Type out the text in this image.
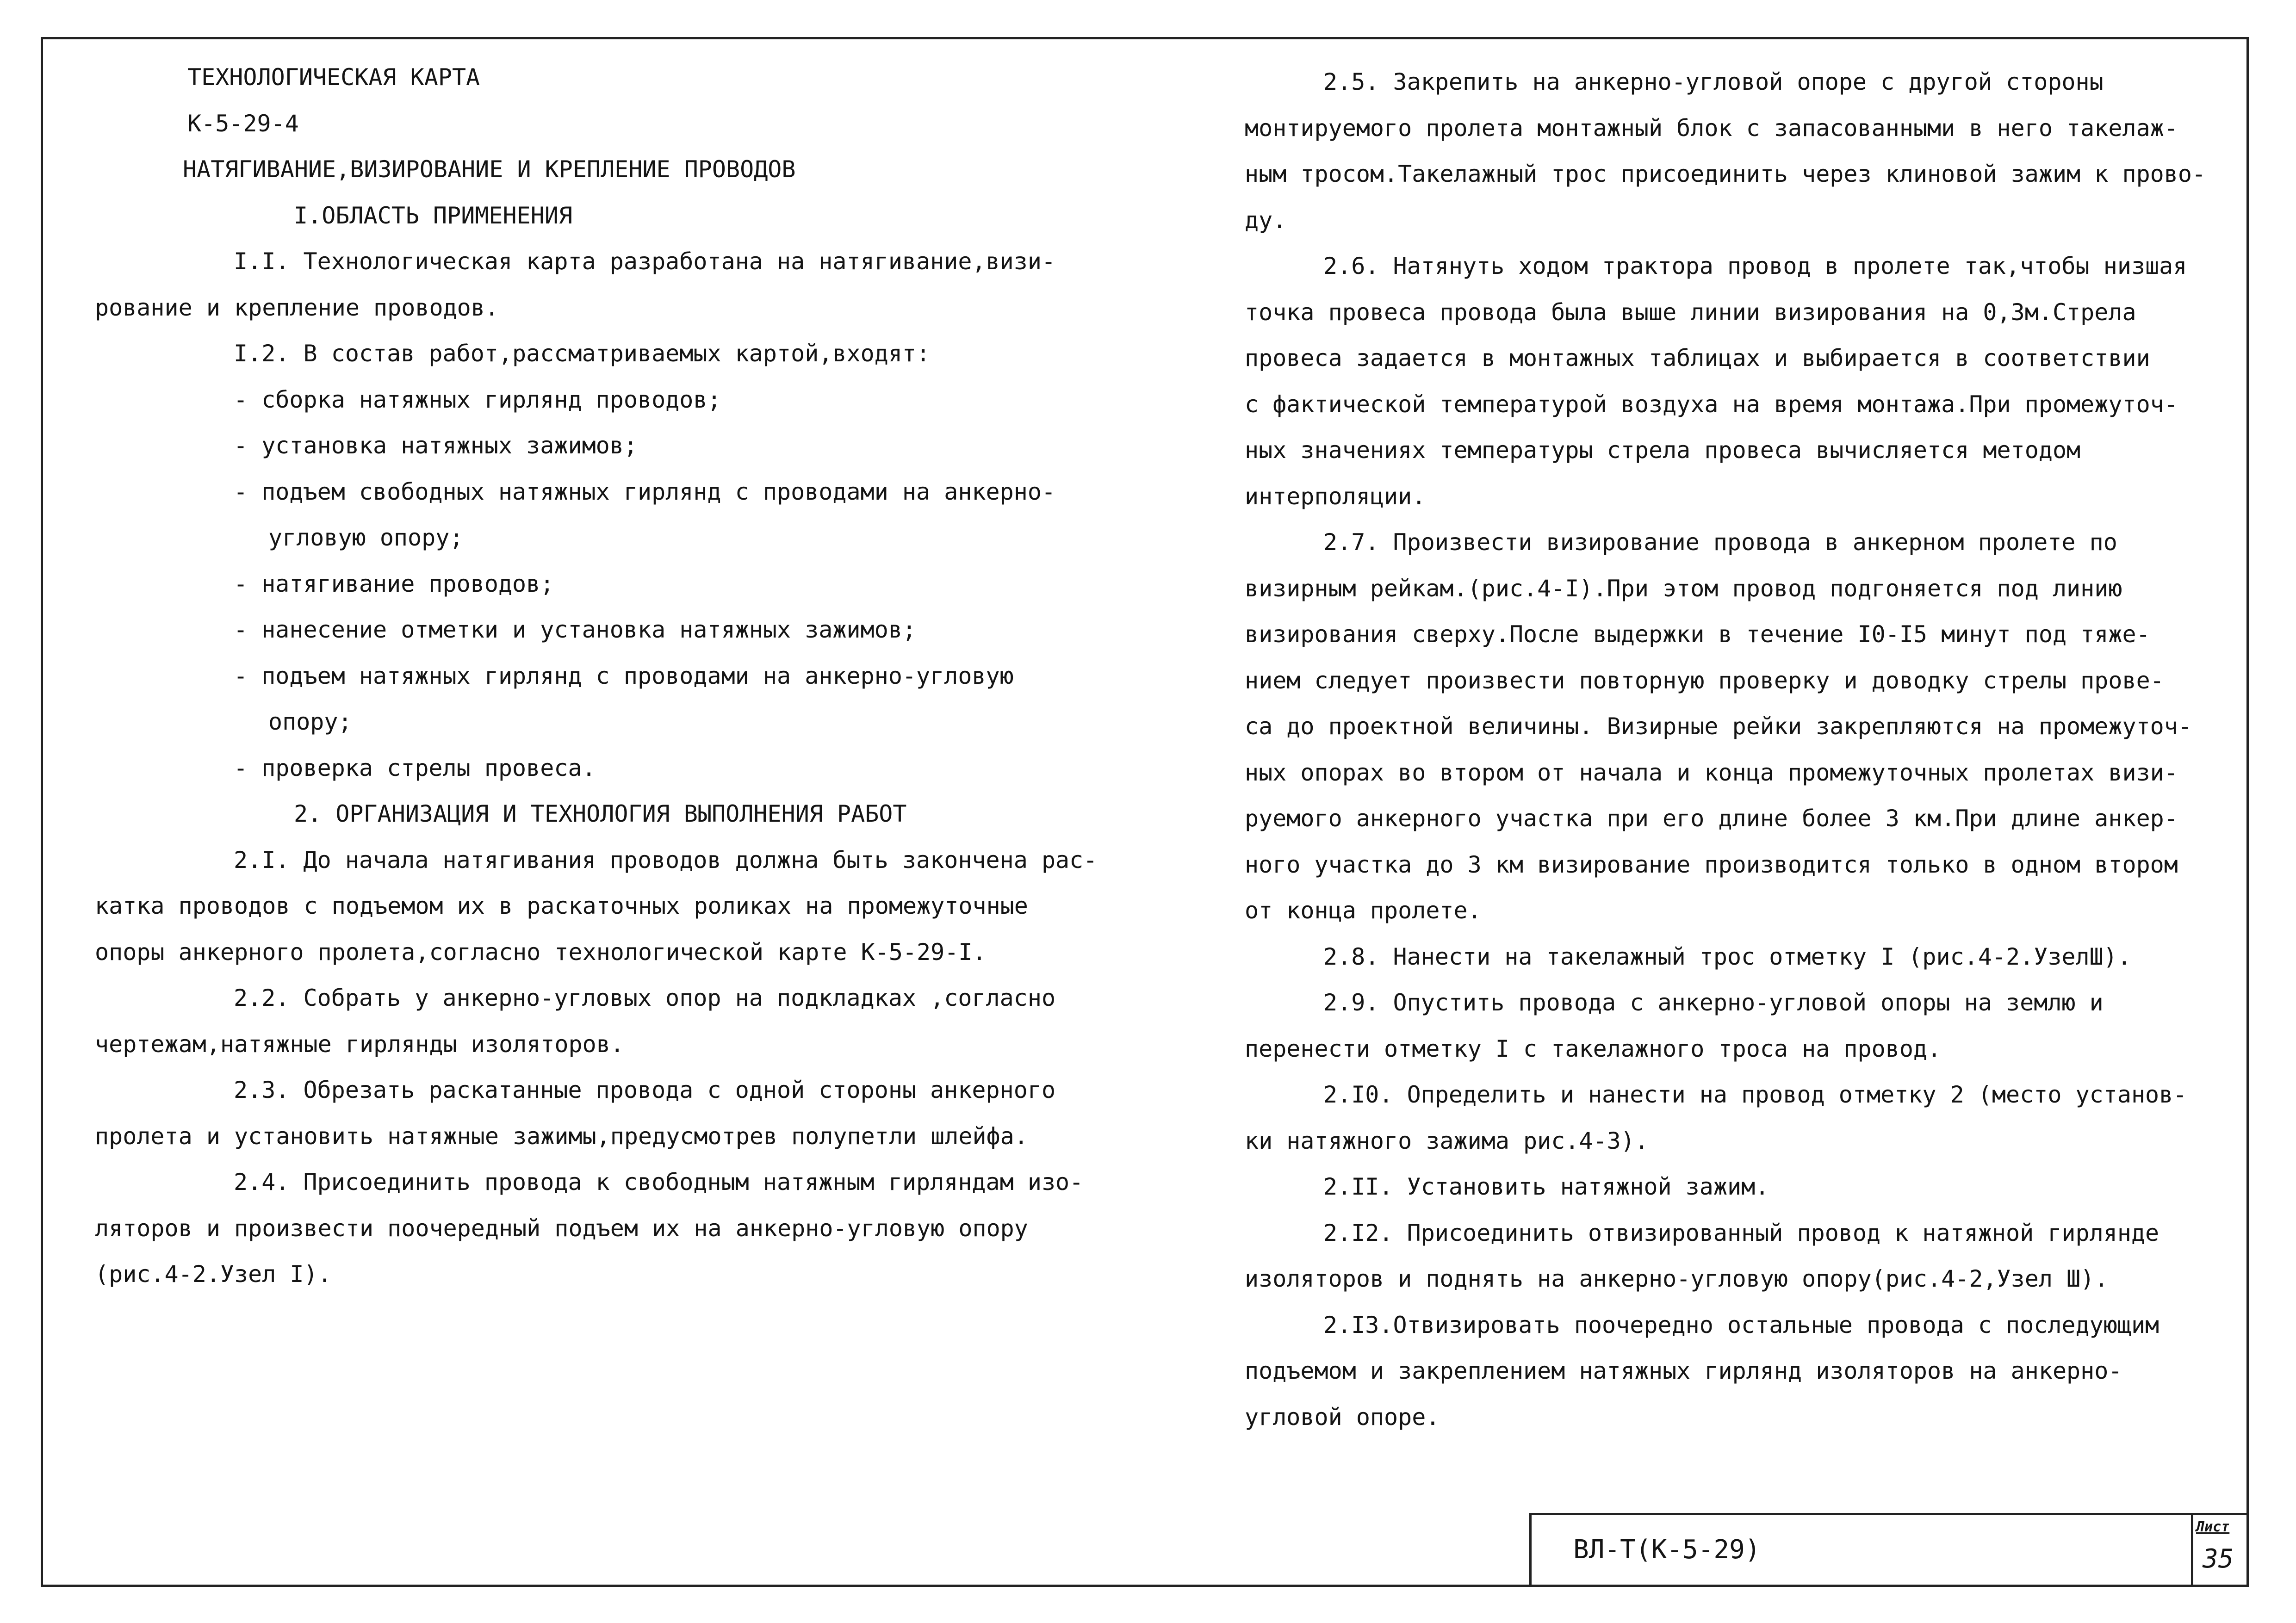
ТЕХНОЛОГИЧЕСКАЯ КАРТА
К-5-29-4
НАТЯГИВАНИЕ,ВИЗИРОВАНИЕ И КРЕПЛЕНИЕ ПРОВОДОВ
I.ОБЛАСТЬ ПРИМЕНЕНИЯ
I.I. Технологическая карта разработана на натягивание,визи-
рование и крепление проводов.
I.2. В состав работ,рассматриваемых картой,входят:
- сборка натяжных гирлянд проводов;
- установка натяжных зажимов;
- подъем свободных натяжных гирлянд с проводами на анкерно-
угловую опору;
- натягивание проводов;
- нанесение отметки и установка натяжных зажимов;
- подъем натяжных гирлянд с проводами на анкерно-угловую
опору;
- проверка стрелы провеса.
2. ОРГАНИЗАЦИЯ И ТЕХНОЛОГИЯ ВЫПОЛНЕНИЯ РАБОТ
2.I. До начала натягивания проводов должна быть закончена рас-
катка проводов с подъемом их в раскаточных роликах на промежуточные
опоры анкерного пролета,согласно технологической карте К-5-29-I.
2.2. Собрать у анкерно-угловых опор на подкладках ,согласно
чертежам,натяжные гирлянды изоляторов.
2.3. Обрезать раскатанные провода с одной стороны анкерного
пролета и установить натяжные зажимы,предусмотрев полупетли шлейфа.
2.4. Присоединить провода к свободным натяжным гирляндам изо-
ляторов и произвести поочередный подъем их на анкерно-угловую опору
(рис.4-2.Узел I).
2.5. Закрепить на анкерно-угловой опоре с другой стороны
монтируемого пролета монтажный блок с запасованными в него такелаж-
ным тросом.Такелажный трос присоединить через клиновой зажим к прово-
ду.
2.6. Натянуть ходом трактора провод в пролете так,чтобы низшая
точка провеса провода была выше линии визирования на 0,3м.Стрела
провеса задается в монтажных таблицах и выбирается в соответствии
с фактической температурой воздуха на время монтажа.При промежуточ-
ных значениях температуры стрела провеса вычисляется методом
интерполяции.
2.7. Произвести визирование провода в анкерном пролете по
визирным рейкам.(рис.4-I).При этом провод подгоняется под линию
визирования сверху.После выдержки в течение I0-I5 минут под тяже-
нием следует произвести повторную проверку и доводку стрелы прове-
са до проектной величины. Визирные рейки закрепляются на промежуточ-
ных опорах во втором от начала и конца промежуточных пролетах визи-
руемого анкерного участка при его длине более 3 км.При длине анкер-
ного участка до 3 км визирование производится только в одном втором
от конца пролете.
2.8. Нанести на такелажный трос отметку I (рис.4-2.УзелШ).
2.9. Опустить провода с анкерно-угловой опоры на землю и
перенести отметку I с такелажного троса на провод.
2.I0. Определить и нанести на провод отметку 2 (место установ-
ки натяжного зажима рис.4-3).
2.II. Установить натяжной зажим.
2.I2. Присоединить отвизированный провод к натяжной гирлянде
изоляторов и поднять на анкерно-угловую опору(рис.4-2,Узел Ш).
2.I3.Отвизировать поочередно остальные провода с последующим
подъемом и закреплением натяжных гирлянд изоляторов на анкерно-
угловой опоре.
ВЛ-Т(К-5-29)
Лист
35
